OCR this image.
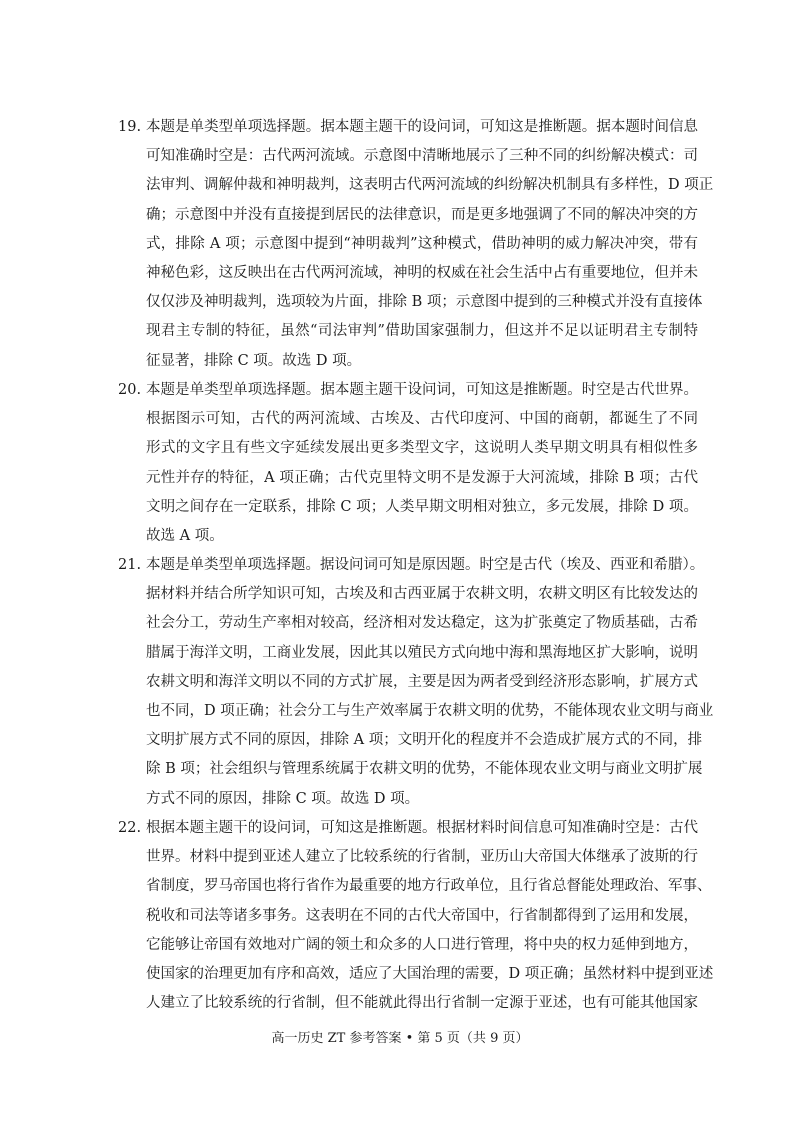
19. 本题是单类型单项选择题。据本题主题干的设问词，可知这是推断题。据本题时间信息
可知准确时空是：古代两河流域。示意图中清晰地展示了三种不同的纠纷解决模式：司
法审判、调解仲裁和神明裁判，这表明古代两河流域的纠纷解决机制具有多样性，D 项正
确；示意图中并没有直接提到居民的法律意识，而是更多地强调了不同的解决冲突的方
式，排除 A 项；示意图中提到“神明裁判”这种模式，借助神明的威力解决冲突，带有
神秘色彩，这反映出在古代两河流域，神明的权威在社会生活中占有重要地位，但并未
仅仅涉及神明裁判，选项较为片面，排除 B 项；示意图中提到的三种模式并没有直接体
现君主专制的特征，虽然“司法审判”借助国家强制力，但这并不足以证明君主专制特
征显著，排除 C 项。故选 D 项。
20. 本题是单类型单项选择题。据本题主题干设问词，可知这是推断题。时空是古代世界。
根据图示可知，古代的两河流域、古埃及、古代印度河、中国的商朝，都诞生了不同
形式的文字且有些文字延续发展出更多类型文字，这说明人类早期文明具有相似性多
元性并存的特征，A 项正确；古代克里特文明不是发源于大河流域，排除 B 项；古代
文明之间存在一定联系，排除 C 项；人类早期文明相对独立，多元发展，排除 D 项。
故选 A 项。
21. 本题是单类型单项选择题。据设问词可知是原因题。时空是古代（埃及、西亚和希腊）。
据材料并结合所学知识可知，古埃及和古西亚属于农耕文明，农耕文明区有比较发达的
社会分工，劳动生产率相对较高，经济相对发达稳定，这为扩张奠定了物质基础，古希
腊属于海洋文明，工商业发展，因此其以殖民方式向地中海和黑海地区扩大影响，说明
农耕文明和海洋文明以不同的方式扩展，主要是因为两者受到经济形态影响，扩展方式
也不同，D 项正确；社会分工与生产效率属于农耕文明的优势，不能体现农业文明与商业
文明扩展方式不同的原因，排除 A 项；文明开化的程度并不会造成扩展方式的不同，排
除 B 项；社会组织与管理系统属于农耕文明的优势，不能体现农业文明与商业文明扩展
方式不同的原因，排除 C 项。故选 D 项。
22. 根据本题主题干的设问词，可知这是推断题。根据材料时间信息可知准确时空是：古代
世界。材料中提到亚述人建立了比较系统的行省制，亚历山大帝国大体继承了波斯的行
省制度，罗马帝国也将行省作为最重要的地方行政单位，且行省总督能处理政治、军事、
税收和司法等诸多事务。这表明在不同的古代大帝国中，行省制都得到了运用和发展，
它能够让帝国有效地对广阔的领土和众多的人口进行管理，将中央的权力延伸到地方，
使国家的治理更加有序和高效，适应了大国治理的需要，D 项正确；虽然材料中提到亚述
人建立了比较系统的行省制，但不能就此得出行省制一定源于亚述，也有可能其他国家
高一历史 ZT 参考答案 • 第 5 页（共 9 页）
